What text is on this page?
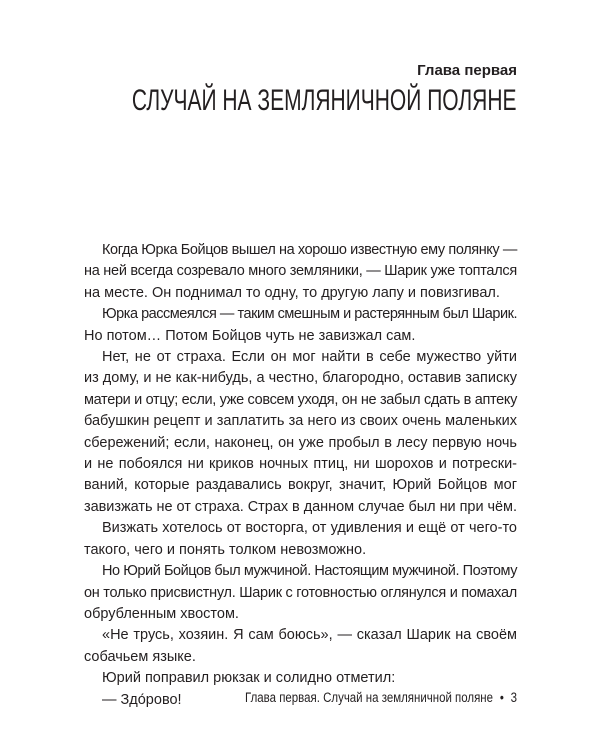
Глава первая
СЛУЧАЙ НА ЗЕМЛЯНИЧНОЙ ПОЛЯНЕ
Когда Юрка Бойцов вышел на хорошо известную ему полянку —
на ней всегда созревало много земляники, — Шарик уже топтался
на месте. Он поднимал то одну, то другую лапу и повизгивал.
Юрка рассмеялся — таким смешным и растерянным был Шарик.
Но потом… Потом Бойцов чуть не завизжал сам.
Нет, не от страха. Если он мог найти в себе мужество уйти
из дому, и не как-нибудь, а честно, благородно, оставив записку
матери и отцу; если, уже совсем уходя, он не забыл сдать в аптеку
бабушкин рецепт и заплатить за него из своих очень маленьких
сбережений; если, наконец, он уже пробыл в лесу первую ночь
и не побоялся ни криков ночных птиц, ни шорохов и потрески-
ваний, которые раздавались вокруг, значит, Юрий Бойцов мог
завизжать не от страха. Страх в данном случае был ни при чём.
Визжать хотелось от восторга, от удивления и ещё от чего-то
такого, чего и понять толком невозможно.
Но Юрий Бойцов был мужчиной. Настоящим мужчиной. Поэтому
он только присвистнул. Шарик с готовностью оглянулся и помахал
обрубленным хвостом.
«Не трусь, хозяин. Я сам боюсь», — сказал Шарик на своём
собачьем языке.
Юрий поправил рюкзак и солидно отметил:
— Здо́рово!	Глава первая. Случай на земляничной поляне • 3
